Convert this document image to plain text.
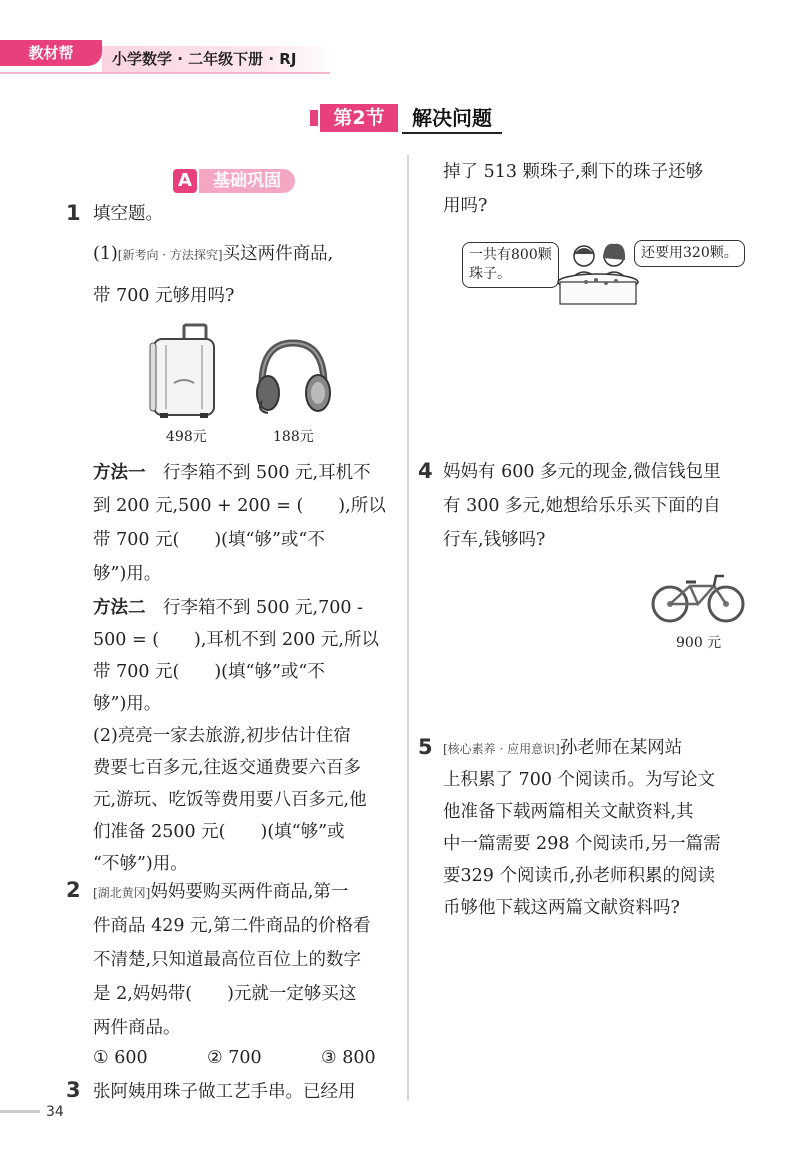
教材帮	小学数学 · 二年级下册 · RJ
第2节	解决问题
A	基础巩固
1 填空题。
(1)[新考向 · 方法探究]买这两件商品,
带 700 元够用吗?
498元	188元
方法一　 行李箱不到 500 元,耳机不
到 200 元,500 + 200 = (　　),所以
带 700 元(　　)(填“够”或“不
够”)用。
方法二　 行李箱不到 500 元,700 -
500 = (　　),耳机不到 200 元,所以
带 700 元(　　)(填“够”或“不
够”)用。
(2)亮亮一家去旅游,初步估计住宿
费要七百多元,往返交通费要六百多
元,游玩、吃饭等费用要八百多元,他
们准备 2500 元(　　)(填“够”或
“不够”)用。
2 [湖北黄冈]妈妈要购买两件商品,第一
件商品 429 元,第二件商品的价格看
不清楚,只知道最高位百位上的数字
是 2,妈妈带(　　)元就一定够买这
两件商品。
① 600	② 700	③ 800
3 张阿姨用珠子做工艺手串。已经用
掉了 513 颗珠子,剩下的珠子还够
用吗?
一共有800颗
珠子。
还要用320颗。
4 妈妈有 600 多元的现金,微信钱包里
有 300 多元,她想给乐乐买下面的自
行车,钱够吗?
900 元
5 [核心素养 · 应用意识]孙老师在某网站
上积累了 700 个阅读币。为写论文
他准备下载两篇相关文献资料,其
中一篇需要 298 个阅读币,另一篇需
要329 个阅读币,孙老师积累的阅读
币够他下载这两篇文献资料吗?
34
